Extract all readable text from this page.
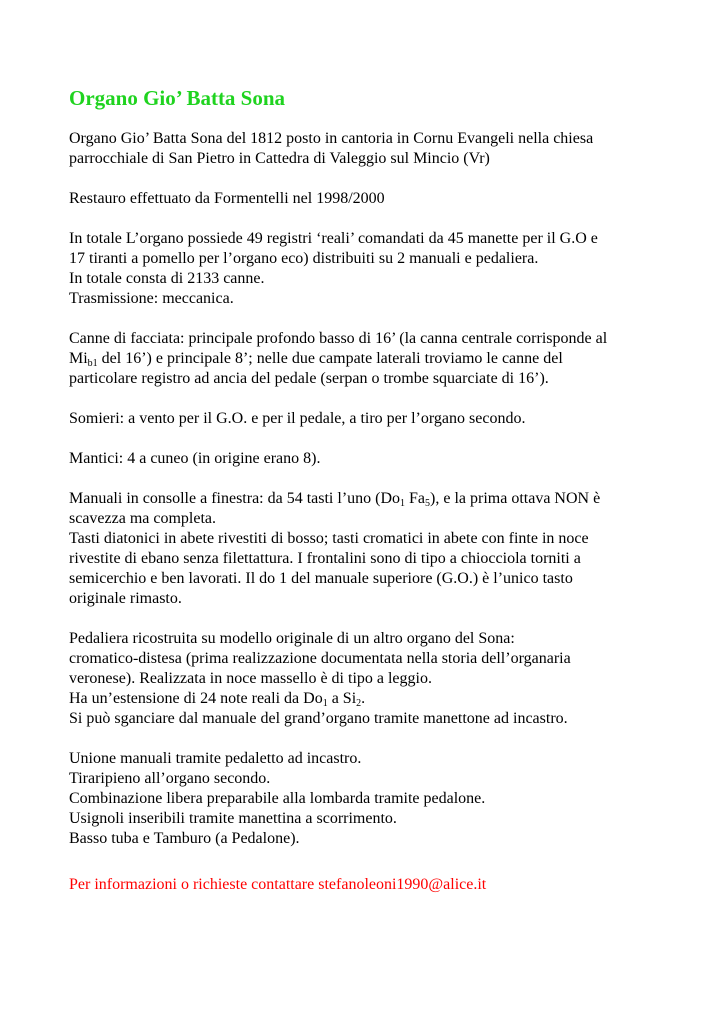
Organo Gio’ Batta Sona

Organo Gio’ Batta Sona del 1812 posto in cantoria in Cornu Evangeli nella chiesa
parrocchiale di San Pietro in Cattedra di Valeggio sul Mincio (Vr)

Restauro effettuato da Formentelli nel 1998/2000

In totale L’organo possiede 49 registri ‘reali’ comandati da 45 manette per il G.O e
17 tiranti a pomello per l’organo eco) distribuiti su 2 manuali e pedaliera.
In totale consta di 2133 canne.
Trasmissione: meccanica.

Canne di facciata: principale profondo basso di 16’ (la canna centrale corrisponde al
$Mi_{b1}$ del 16’) e principale 8’; nelle due campate laterali troviamo le canne del
particolare registro ad ancia del pedale (serpan o trombe squarciate di 16’).

Somieri: a vento per il G.O. e per il pedale, a tiro per l’organo secondo.

Mantici: 4 a cuneo (in origine erano 8).

Manuali in consolle a finestra: da 54 tasti l’uno ($Do_1$ $Fa_5$), e la prima ottava NON è
scavezza ma completa.
Tasti diatonici in abete rivestiti di bosso; tasti cromatici in abete con finte in noce
rivestite di ebano senza filettattura. I frontalini sono di tipo a chiocciola torniti a
semicerchio e ben lavorati. Il do 1 del manuale superiore (G.O.) è l’unico tasto
originale rimasto.

Pedaliera ricostruita su modello originale di un altro organo del Sona:
cromatico-distesa (prima realizzazione documentata nella storia dell’organaria
veronese). Realizzata in noce massello è di tipo a leggio.
Ha un’estensione di 24 note reali da $Do_1$ a $Si_2$.
Si può sganciare dal manuale del grand’organo tramite manettone ad incastro.

Unione manuali tramite pedaletto ad incastro.
Tiraripieno all’organo secondo.
Combinazione libera preparabile alla lombarda tramite pedalone.
Usignoli inseribili tramite manettina a scorrimento.
Basso tuba e Tamburo (a Pedalone).

Per informazioni o richieste contattare stefanoleoni1990@alice.it
